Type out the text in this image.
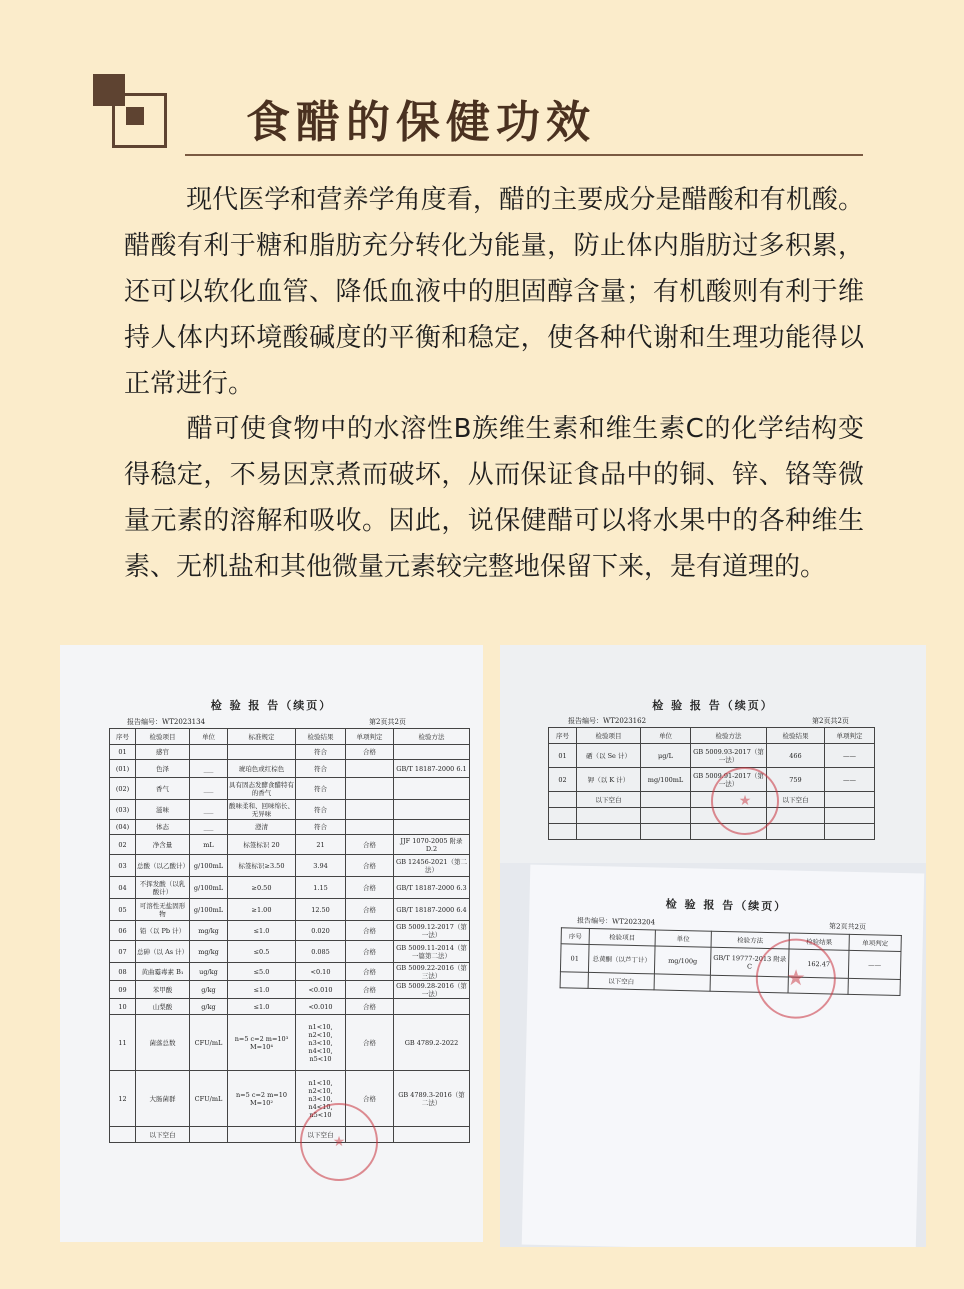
食醋的保健功效

现代医学和营养学角度看，醋的主要成分是醋酸和有机酸。醋酸有利于糖和脂肪充分转化为能量，防止体内脂肪过多积累，还可以软化血管、降低血液中的胆固醇含量；有机酸则有利于维持人体内环境酸碱度的平衡和稳定，使各种代谢和生理功能得以正常进行。

醋可使食物中的水溶性B族维生素和维生素C的化学结构变得稳定，不易因烹煮而破坏，从而保证食品中的铜、锌、铬等微量元素的溶解和吸收。因此，说保健醋可以将水果中的各种维生素、无机盐和其他微量元素较完整地保留下来，是有道理的。

检 验 报 告（续页）
报告编号：WT2023134	第2页共2页
序号	检验项目	单位	标准规定	检验结果	单项判定	检验方法
01	感官			符合	合格	
(01)	色泽	___	琥珀色或红棕色	符合		GB/T 18187-2000 6.1
(02)	香气	___	具有固态发酵食醋特有的香气	符合		
(03)	滋味	___	酸味柔和、回味绵长、无异味	符合		
(04)	体态	___	澄清	符合		
02	净含量	mL	标签标识 20	21	合格	JJF 1070-2005 附录 D.2
03	总酸（以乙酸计）	g/100mL	标签标识≥3.50	3.94	合格	GB 12456-2021（第二法）
04	不挥发酸（以乳酸计）	g/100mL	≥0.50	1.15	合格	GB/T 18187-2000 6.3
05	可溶性无盐固形物	g/100mL	≥1.00	12.50	合格	GB/T 18187-2000 6.4
06	铅（以 Pb 计）	mg/kg	≤1.0	0.020	合格	GB 5009.12-2017（第一法）
07	总砷（以 As 计）	mg/kg	≤0.5	0.085	合格	GB 5009.11-2014（第一篇第二法）
08	黄曲霉毒素 B₁	ug/kg	≤5.0	<0.10	合格	GB 5009.22-2016（第三法）
09	苯甲酸	g/kg	≤1.0	<0.010	合格	GB 5009.28-2016（第一法）
10	山梨酸	g/kg	≤1.0	<0.010	合格	
11	菌落总数	CFU/mL	n=5 c=2 m=10³ M=10⁴	n1<10, n2<10, n3<10, n4<10, n5<10	合格	GB 4789.2-2022
12	大肠菌群	CFU/mL	n=5 c=2 m=10 M=10²	n1<10, n2<10, n3<10, n4<10, n5<10	合格	GB 4789.3-2016（第二法）
	以下空白			以下空白		
★
检 验 报 告（续页）
报告编号：WT2023162	第2页共2页
序号	检验项目	单位	检验方法	检验结果	单项判定
01	硒（以 Se 计）	μg/L	GB 5009.93-2017（第一法）	466	——
02	钾（以 K 计）	mg/100mL	GB 5009.91-2017（第一法）	759	——
	以下空白			以下空白	

★
检 验 报 告（续页）
报告编号：WT2023204
第2页共2页
序号	检验项目	单位	检验方法	检验结果	单项判定
01	总黄酮（以芦丁计）	mg/100g	GB/T 19777-2013 附录 C	162.47	——
	以下空白				
★
